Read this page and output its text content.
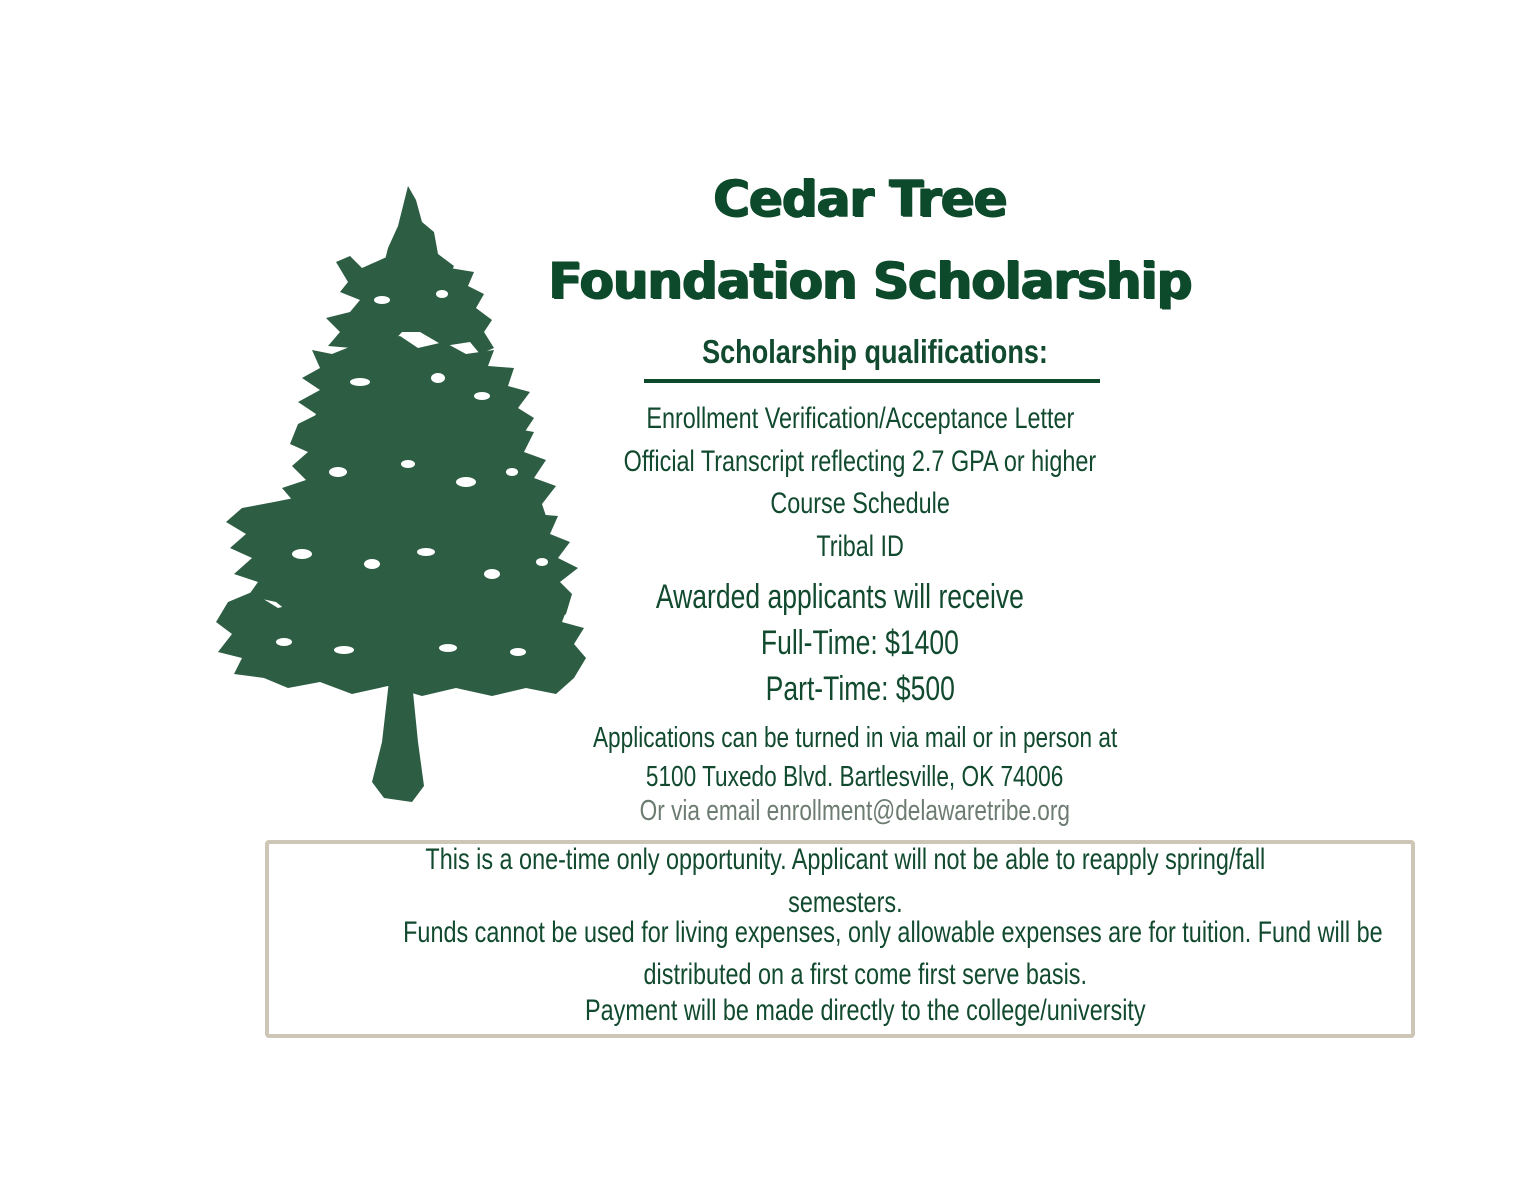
Cedar Tree
Foundation Scholarship
Scholarship qualifications:
Enrollment Verification/Acceptance Letter
Official Transcript reflecting 2.7 GPA or higher
Course Schedule
Tribal ID
Awarded applicants will receive
Full-Time: $1400
Part-Time: $500
Applications can be turned in via mail or in person at
5100 Tuxedo Blvd. Bartlesville, OK 74006
Or via email enrollment@delawaretribe.org
This is a one-time only opportunity. Applicant will not be able to reapply spring/fall
semesters.
Funds cannot be used for living expenses, only allowable expenses are for tuition. Fund will be
distributed on a first come first serve basis.
Payment will be made directly to the college/university
